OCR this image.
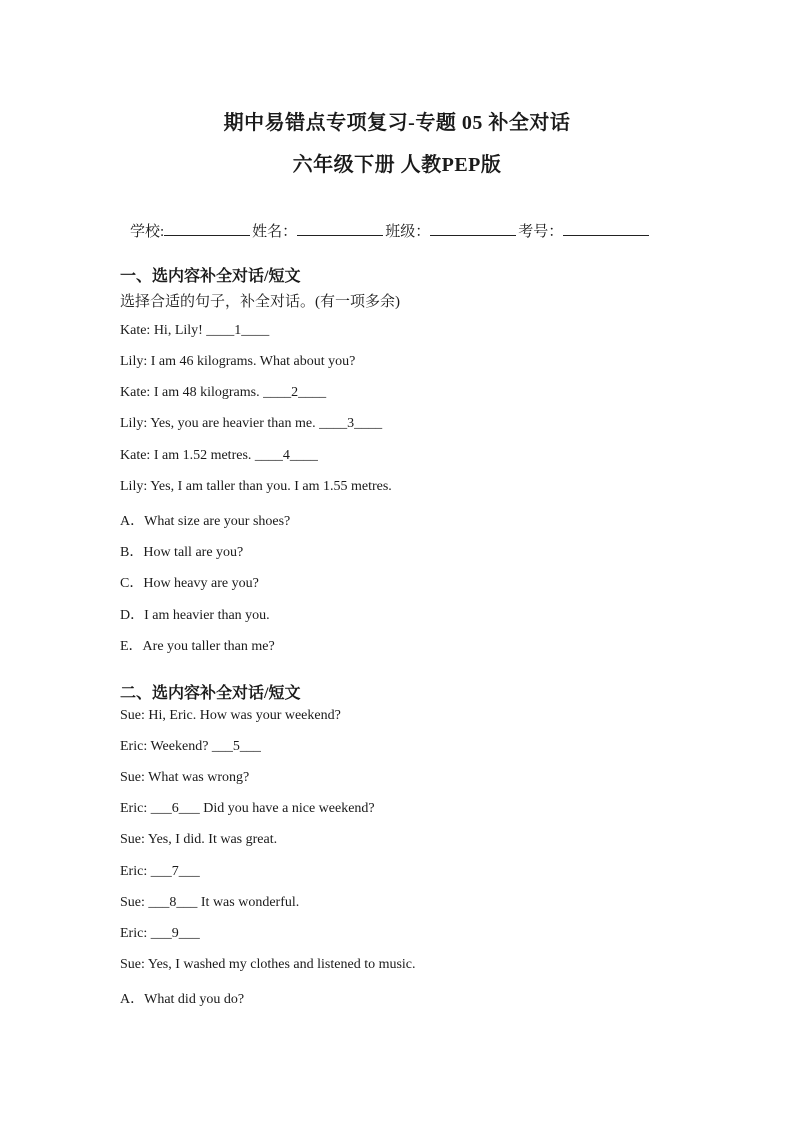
期中易错点专项复习-专题 05 补全对话
六年级下册 人教PEP版
学校:	姓名：	班级：	考号：
一、选内容补全对话/短文
选择合适的句子，补全对话。(有一项多余)
Kate: Hi, Lily! ____1____
Lily: I am 46 kilograms. What about you?
Kate: I am 48 kilograms. ____2____
Lily: Yes, you are heavier than me. ____3____
Kate: I am 1.52 metres. ____4____
Lily: Yes, I am taller than you. I am 1.55 metres.
A．What size are your shoes?
B．How tall are you?
C．How heavy are you?
D．I am heavier than you.
E．Are you taller than me?
二、选内容补全对话/短文
Sue: Hi, Eric. How was your weekend?
Eric: Weekend? ___5___
Sue: What was wrong?
Eric: ___6___ Did you have a nice weekend?
Sue: Yes, I did. It was great.
Eric: ___7___
Sue: ___8___ It was wonderful.
Eric: ___9___
Sue: Yes, I washed my clothes and listened to music.
A．What did you do?
